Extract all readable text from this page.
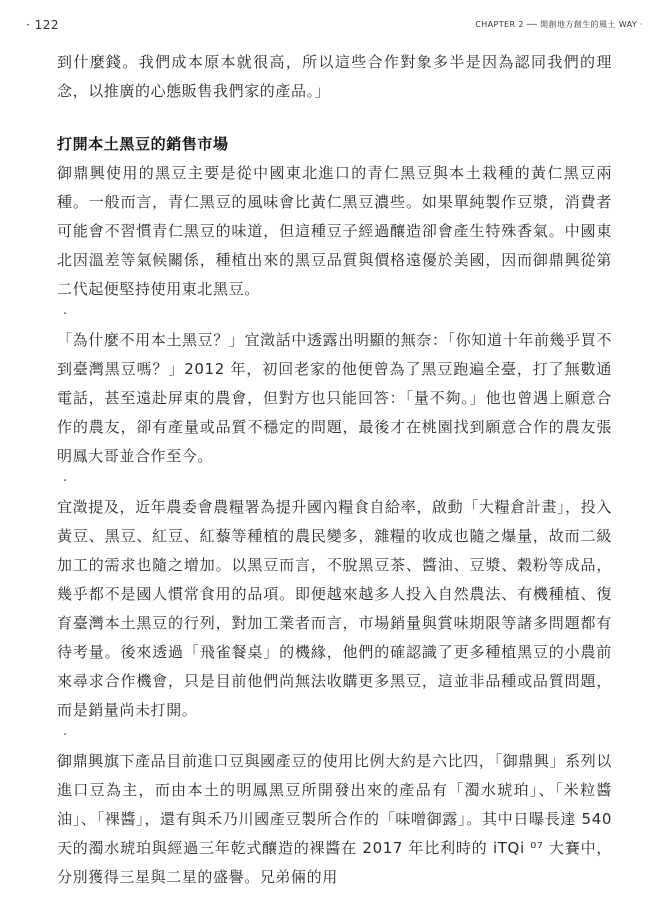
· 122	CHAPTER 2 ── 開創地方創生的風土 WAY ·

到什麼錢。我們成本原本就很高，所以這些合作對象多半是因為認同我們的理念，以推廣的心態販售我們家的產品。」

打開本土黑豆的銷售市場

御鼎興使用的黑豆主要是從中國東北進口的青仁黑豆與本土栽種的黃仁黑豆兩種。一般而言，青仁黑豆的風味會比黃仁黑豆濃些。如果單純製作豆漿，消費者可能會不習慣青仁黑豆的味道，但這種豆子經過釀造卻會產生特殊香氣。中國東北因溫差等氣候關係，種植出來的黑豆品質與價格遠優於美國，因而御鼎興從第二代起便堅持使用東北黑豆。

·

「為什麼不用本土黑豆？」宜澂話中透露出明顯的無奈：「你知道十年前幾乎買不到臺灣黑豆嗎？」2012 年，初回老家的他便曾為了黑豆跑遍全臺，打了無數通電話，甚至遠赴屏東的農會，但對方也只能回答：「量不夠。」他也曾遇上願意合作的農友，卻有產量或品質不穩定的問題，最後才在桃園找到願意合作的農友張明鳳大哥並合作至今。

·

宜澂提及，近年農委會農糧署為提升國內糧食自給率，啟動「大糧倉計畫」，投入黃豆、黑豆、紅豆、紅藜等種植的農民變多，雜糧的收成也隨之爆量，故而二級加工的需求也隨之增加。以黑豆而言，不脫黑豆茶、醬油、豆漿、穀粉等成品，幾乎都不是國人慣常食用的品項。即便越來越多人投入自然農法、有機種植、復育臺灣本土黑豆的行列，對加工業者而言，市場銷量與賞味期限等諸多問題都有待考量。後來透過「飛雀餐桌」的機緣，他們的確認識了更多種植黑豆的小農前來尋求合作機會，只是目前他們尚無法收購更多黑豆，這並非品種或品質問題，而是銷量尚未打開。

·

御鼎興旗下產品目前進口豆與國產豆的使用比例大約是六比四，「御鼎興」系列以進口豆為主，而由本土的明鳳黑豆所開發出來的產品有「濁水琥珀」、「米粒醬油」、「裸醬」，還有與禾乃川國產豆製所合作的「味噌御露」。其中日曝長達 540 天的濁水琥珀與經過三年乾式釀造的裸醬在 2017 年比利時的 iTQi ⁰⁷ 大賽中，分別獲得三星與二星的盛譽。兄弟倆的用
